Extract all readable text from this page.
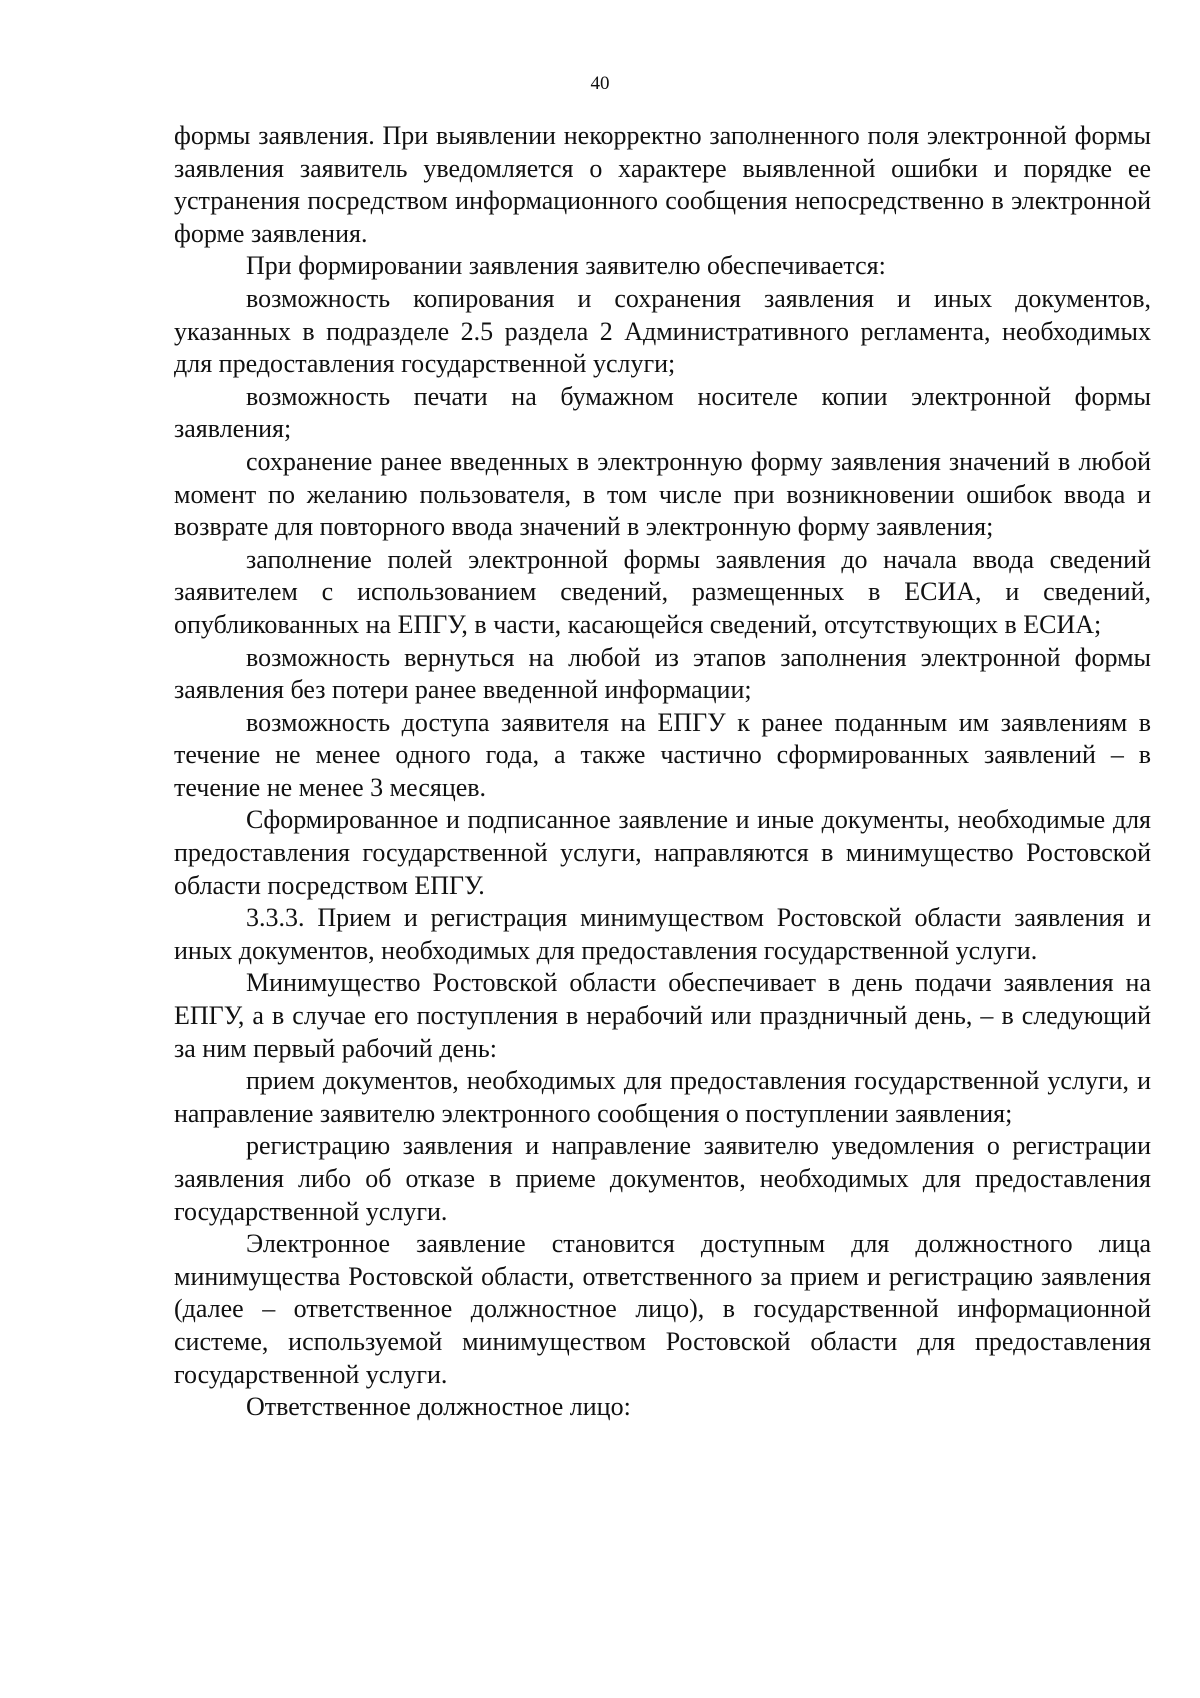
40

формы заявления. При выявлении некорректно заполненного поля электронной формы заявления заявитель уведомляется о характере выявленной ошибки и порядке ее устранения посредством информационного сообщения непосредственно в электронной форме заявления.

При формировании заявления заявителю обеспечивается:

возможность копирования и сохранения заявления и иных документов, указанных в подразделе 2.5 раздела 2 Административного регламента, необходимых для предоставления государственной услуги;

возможность печати на бумажном носителе копии электронной формы заявления;

сохранение ранее введенных в электронную форму заявления значений в любой момент по желанию пользователя, в том числе при возникновении ошибок ввода и возврате для повторного ввода значений в электронную форму заявления;

заполнение полей электронной формы заявления до начала ввода сведений заявителем с использованием сведений, размещенных в ЕСИА, и сведений, опубликованных на ЕПГУ, в части, касающейся сведений, отсутствующих в ЕСИА;

возможность вернуться на любой из этапов заполнения электронной формы заявления без потери ранее введенной информации;

возможность доступа заявителя на ЕПГУ к ранее поданным им заявлениям в течение не менее одного года, а также частично сформированных заявлений – в течение не менее 3 месяцев.

Сформированное и подписанное заявление и иные документы, необходимые для предоставления государственной услуги, направляются в минимущество Ростовской области посредством ЕПГУ.

3.3.3. Прием и регистрация минимуществом Ростовской области заявления и иных документов, необходимых для предоставления государственной услуги.

Минимущество Ростовской области обеспечивает в день подачи заявления на ЕПГУ, а в случае его поступления в нерабочий или праздничный день, – в следующий за ним первый рабочий день:

прием документов, необходимых для предоставления государственной услуги, и направление заявителю электронного сообщения о поступлении заявления;

регистрацию заявления и направление заявителю уведомления о регистрации заявления либо об отказе в приеме документов, необходимых для предоставления государственной услуги.

Электронное заявление становится доступным для должностного лица минимущества Ростовской области, ответственного за прием и регистрацию заявления (далее – ответственное должностное лицо), в государственной информационной системе, используемой минимуществом Ростовской области для предоставления государственной услуги.

Ответственное должностное лицо:
